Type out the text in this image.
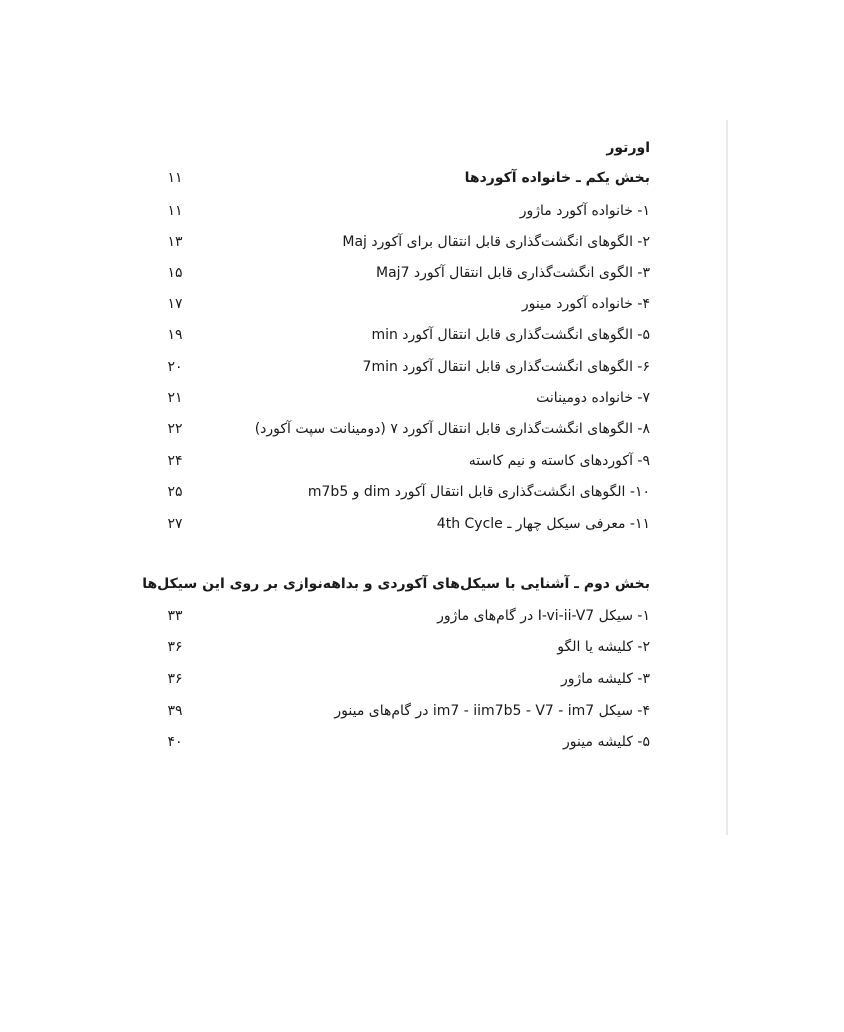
اورتور
بخش یکم ـ خانواده آکوردها
۱۱
۱- خانواده آکورد ماژور
۱۱
۲- الگوهای انگشت‌گذاری قابل انتقال برای آکورد Maj
۱۳
۳- الگوی انگشت‌گذاری قابل انتقال آکورد Maj7
۱۵
۴- خانواده آکورد مینور
۱۷
۵- الگوهای انگشت‌گذاری قابل انتقال آکورد min
۱۹
۶- الگوهای انگشت‌گذاری قابل انتقال آکورد 7min
۲۰
۷- خانواده دومینانت
۲۱
۸- الگوهای انگشت‌گذاری قابل انتقال آکورد ۷ (دومینانت سپت آکورد)
۲۲
۹- آکوردهای کاسته و نیم کاسته
۲۴
۱۰- الگوهای انگشت‌گذاری قابل انتقال آکورد dim و m7b5
۲۵
۱۱- معرفی سیکل چهار ـ 4th Cycle
۲۷
بخش دوم ـ آشنایی با سیکل‌های آکوردی و بداهه‌نوازی بر روی این سیکل‌ها
۱- سیکل I-vi-ii-V7 در گام‌های ماژور
۳۳
۲- کلیشه یا الگو
۳۶
۳- کلیشه ماژور
۳۶
۴- سیکل im7 - iim7b5 - V7 - im7 در گام‌های مینور
۳۹
۵- کلیشه مینور
۴۰
